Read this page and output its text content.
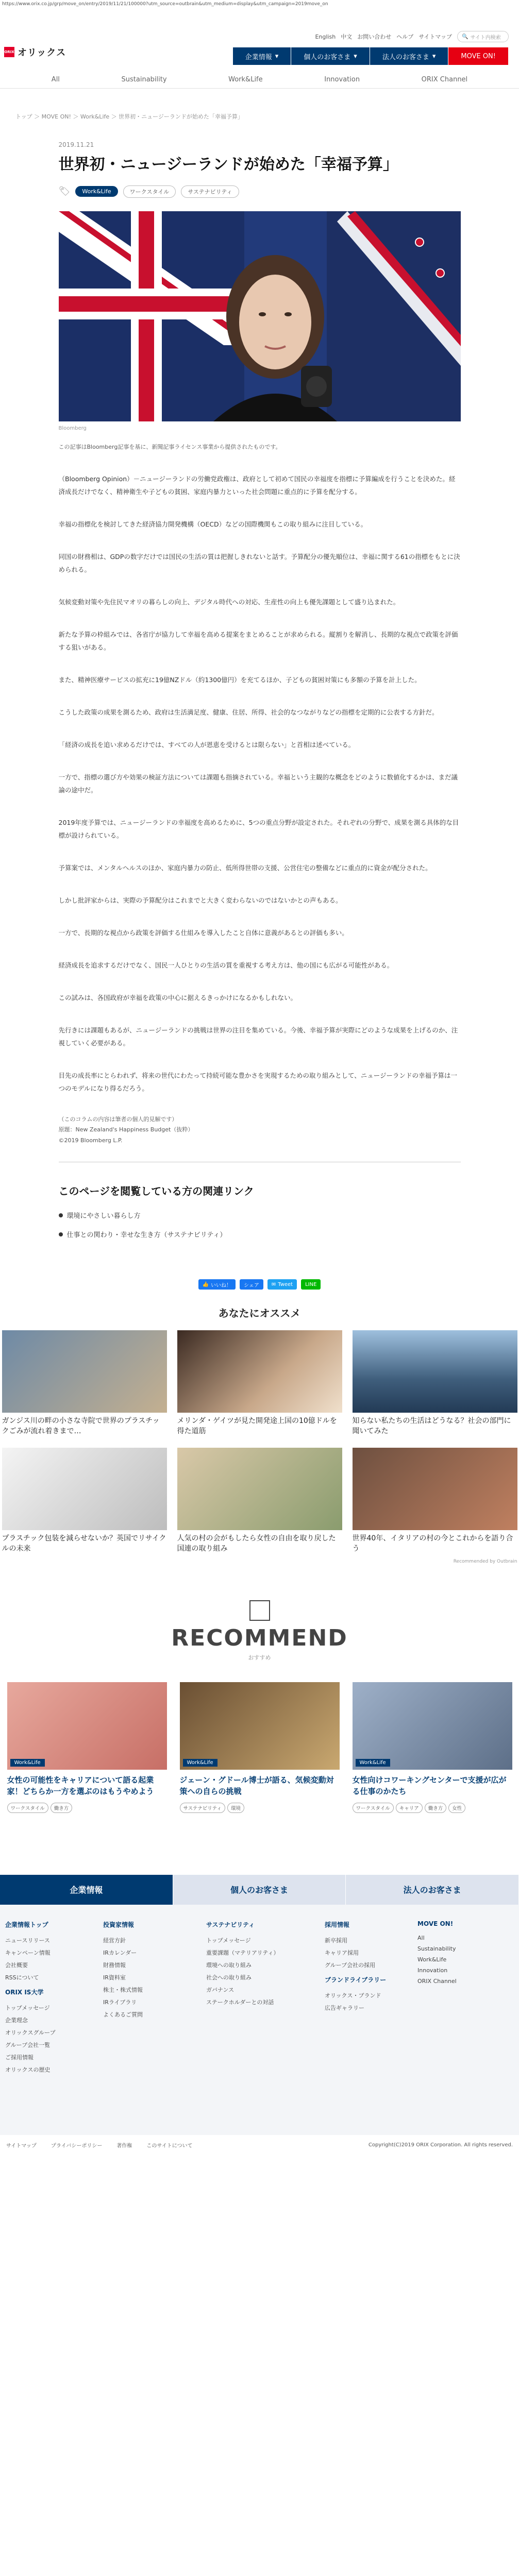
https://www.orix.co.jp/grp/move_on/entry/2019/11/21/100000?utm_source=outbrain&utm_medium=display&utm_campaign=2019move_on
ORIX オリックス
English 中文 お問い合わせ ヘルプ サイトマップ 🔍 サイト内検索
企業情報 ▾	個人のお客さま ▾	法人のお客さま ▾	MOVE ON!
All	Sustainability	Work&Life	Innovation	ORIX Channel
トップ ＞ MOVE ON! ＞ Work&Life ＞ 世界初・ニュージーランドが始めた「幸福予算」
2019.11.21
世界初・ニュージーランドが始めた「幸福予算」
🏷	Work&Life	ワークスタイル	サステナビリティ
Bloomberg

この記事はBloomberg記事を基に、新聞記事ライセンス事業から提供されたものです。

（Bloomberg Opinion）－ニュージーランドの労働党政権は、政府として初めて国民の幸福度を指標に予算編成を行うことを決めた。経済成長だけでなく、精神衛生や子どもの貧困、家庭内暴力といった社会問題に重点的に予算を配分する。

幸福の指標化を検討してきた経済協力開発機構（OECD）などの国際機関もこの取り組みに注目している。

同国の財務相は、GDPの数字だけでは国民の生活の質は把握しきれないと話す。予算配分の優先順位は、幸福に関する61の指標をもとに決められる。

気候変動対策や先住民マオリの暮らしの向上、デジタル時代への対応、生産性の向上も優先課題として盛り込まれた。

新たな予算の枠組みでは、各省庁が協力して幸福を高める提案をまとめることが求められる。縦割りを解消し、長期的な視点で政策を評価する狙いがある。

また、精神医療サービスの拡充に19億NZドル（約1300億円）を充てるほか、子どもの貧困対策にも多額の予算を計上した。

こうした政策の成果を測るため、政府は生活満足度、健康、住居、所得、社会的なつながりなどの指標を定期的に公表する方針だ。

「経済の成長を追い求めるだけでは、すべての人が恩恵を受けるとは限らない」と首相は述べている。

一方で、指標の選び方や効果の検証方法については課題も指摘されている。幸福という主観的な概念をどのように数値化するかは、まだ議論の途中だ。

2019年度予算では、ニュージーランドの幸福度を高めるために、5つの重点分野が設定された。それぞれの分野で、成果を測る具体的な目標が設けられている。

予算案では、メンタルヘルスのほか、家庭内暴力の防止、低所得世帯の支援、公営住宅の整備などに重点的に資金が配分された。

しかし批評家からは、実際の予算配分はこれまでと大きく変わらないのではないかとの声もある。

一方で、長期的な視点から政策を評価する仕組みを導入したこと自体に意義があるとの評価も多い。

経済成長を追求するだけでなく、国民一人ひとりの生活の質を重視する考え方は、他の国にも広がる可能性がある。

この試みは、各国政府が幸福を政策の中心に据えるきっかけになるかもしれない。

先行きには課題もあるが、ニュージーランドの挑戦は世界の注目を集めている。今後、幸福予算が実際にどのような成果を上げるのか、注視していく必要がある。

目先の成長率にとらわれず、将来の世代にわたって持続可能な豊かさを実現するための取り組みとして、ニュージーランドの幸福予算は一つのモデルになり得るだろう。

（このコラムの内容は筆者の個人的見解です）
原題：New Zealand's Happiness Budget（抜粋）
©2019 Bloomberg L.P.
このページを閲覧している方の関連リンク
環境にやさしい暮らし方
仕事との関わり・幸せな生き方（サステナビリティ）
👍 いいね！ シェア ✉ Tweet LINE
あなたにオススメ
ガンジス川の畔の小さな寺院で世界のプラスチックごみが流れ着きまで…
メリンダ・ゲイツが見た開発途上国の10億ドルを得た道筋
知らない私たちの生活はどうなる？社会の部門に聞いてみた
プラスチック包装を減らせないか？英国でリサイクルの未来
人気の村の会がもしたら女性の自由を取り戻した国連の取り組み
世界40年、イタリアの村の今とこれからを語り合う
Recommended by Outbrain
RECOMMEND
おすすめ
Work&Life
女性の可能性をキャリアについて語る起業家！どちらか一方を選ぶのはもうやめよう
ワークスタイル	働き方
Work&Life
ジェーン・グドール博士が語る、気候変動対策への自らの挑戦
サステナビリティ	環境
Work&Life
女性向けコワーキングセンターで支援が広がる仕事のかたち
ワークスタイル	キャリア	働き方	女性
企業情報	個人のお客さま	法人のお客さま
企業情報トップ
ニュースリリース
キャンペーン情報
会社概要
RSSについて
ORIX IS大学
トップメッセージ
企業理念
オリックスグループ
グループ会社一覧
ご採用情報
オリックスの歴史
投資家情報
経営方針
IRカレンダー
財務情報
IR資料室
株主・株式情報
IRライブラリ
よくあるご質問
サステナビリティ
トップメッセージ
重要課題（マテリアリティ）
環境への取り組み
社会への取り組み
ガバナンス
ステークホルダーとの対話
採用情報
新卒採用
キャリア採用
グループ会社の採用
ブランドライブラリー
オリックス・ブランド
広告ギャラリー
MOVE ON!
All
Sustainability
Work&Life
Innovation
ORIX Channel
サイトマップ	プライバシーポリシー	著作権	このサイトについて	Copyright(C)2019 ORIX Corporation. All rights reserved.
